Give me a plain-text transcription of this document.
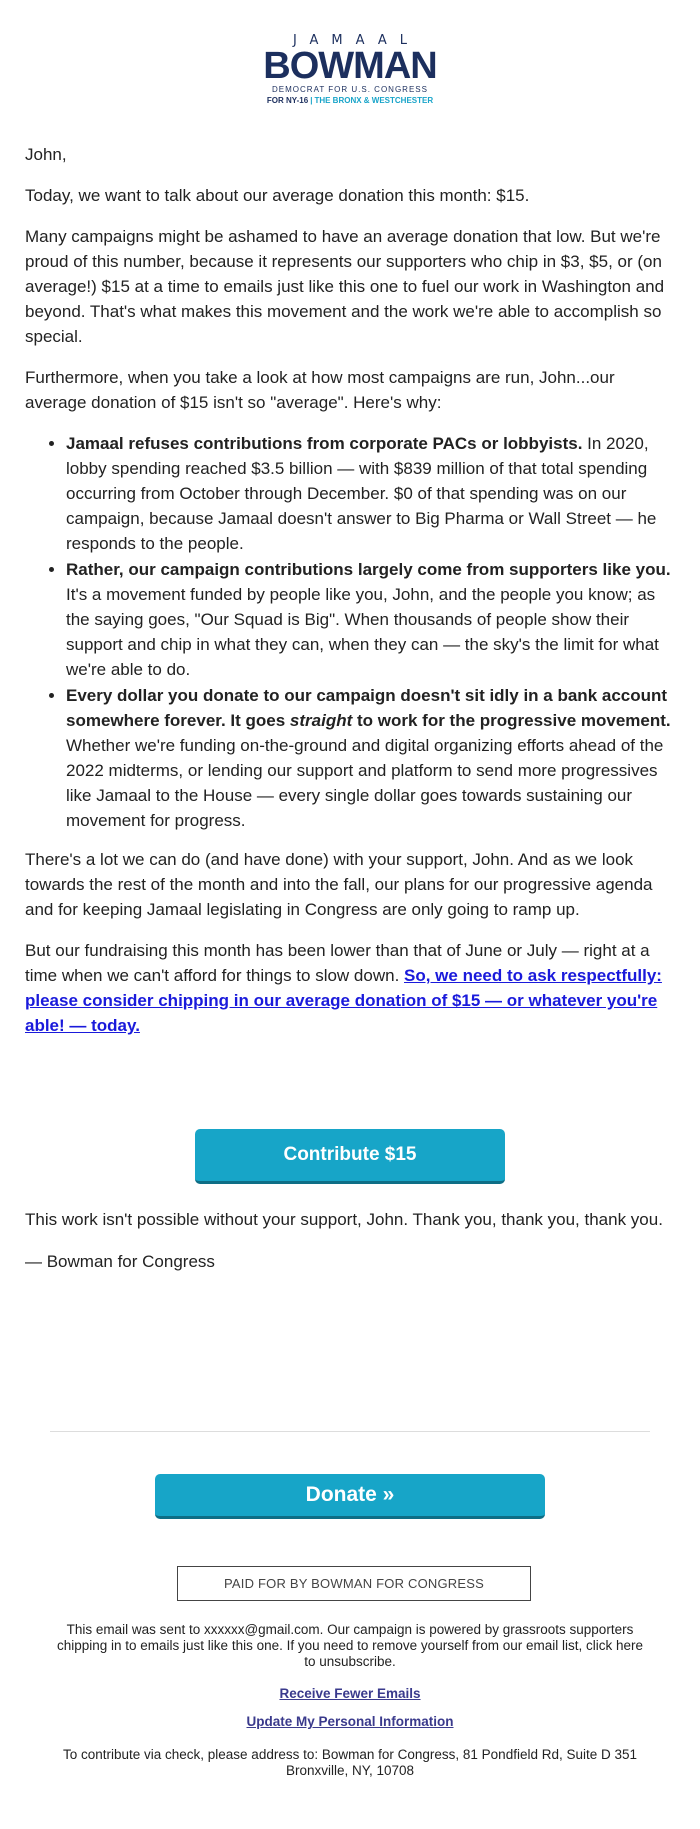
JAMAAL
BOWMAN
DEMOCRAT FOR U.S. CONGRESS
FOR NY-16 | THE BRONX & WESTCHESTER

John,

Today, we want to talk about our average donation this month: $15.

Many campaigns might be ashamed to have an average donation that low. But we're proud of this number, because it represents our supporters who chip in $3, $5, or (on average!) $15 at a time to emails just like this one to fuel our work in Washington and beyond. That's what makes this movement and the work we're able to accomplish so special.

Furthermore, when you take a look at how most campaigns are run, John...our average donation of $15 isn't so "average". Here's why:

• Jamaal refuses contributions from corporate PACs or lobbyists. In 2020, lobby spending reached $3.5 billion — with $839 million of that total spending occurring from October through December. $0 of that spending was on our campaign, because Jamaal doesn't answer to Big Pharma or Wall Street — he responds to the people.
• Rather, our campaign contributions largely come from supporters like you. It's a movement funded by people like you, John, and the people you know; as the saying goes, "Our Squad is Big". When thousands of people show their support and chip in what they can, when they can — the sky's the limit for what we're able to do.
• Every dollar you donate to our campaign doesn't sit idly in a bank account somewhere forever. It goes straight to work for the progressive movement. Whether we're funding on-the-ground and digital organizing efforts ahead of the 2022 midterms, or lending our support and platform to send more progressives like Jamaal to the House — every single dollar goes towards sustaining our movement for progress.

There's a lot we can do (and have done) with your support, John. And as we look towards the rest of the month and into the fall, our plans for our progressive agenda and for keeping Jamaal legislating in Congress are only going to ramp up.

But our fundraising this month has been lower than that of June or July — right at a time when we can't afford for things to slow down. So, we need to ask respectfully: please consider chipping in our average donation of $15 — or whatever you're able! — today.

Contribute $15

This work isn't possible without your support, John. Thank you, thank you, thank you.

— Bowman for Congress

Donate »
PAID FOR BY BOWMAN FOR CONGRESS
This email was sent to xxxxxx@gmail.com. Our campaign is powered by grassroots supporters chipping in to emails just like this one. If you need to remove yourself from our email list, click here to unsubscribe.
Receive Fewer Emails
Update My Personal Information
To contribute via check, please address to: Bowman for Congress, 81 Pondfield Rd, Suite D 351 Bronxville, NY, 10708
